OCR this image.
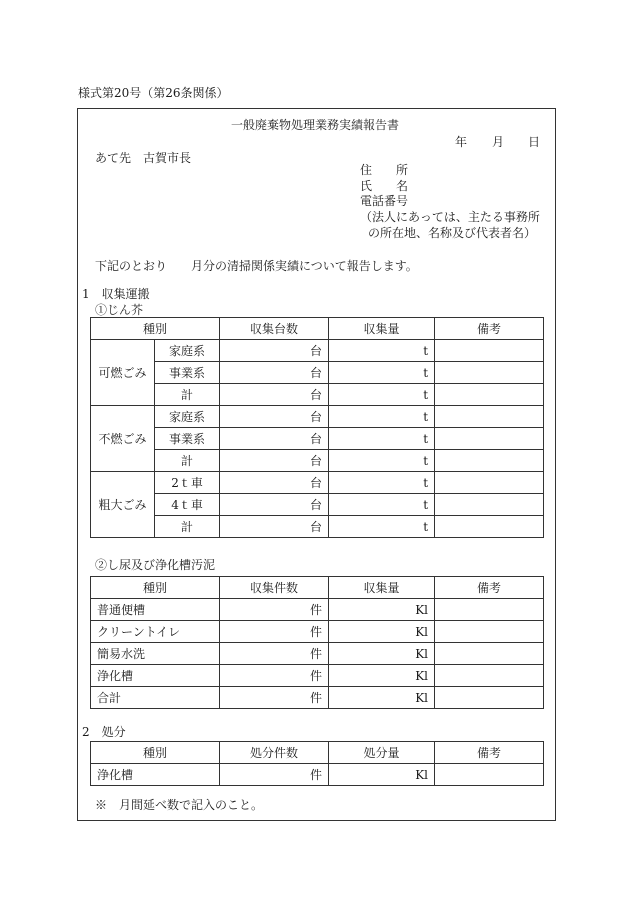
様式第20号（第26条関係）
一般廃棄物処理業務実績報告書
年 月 日
あて先　古賀市長
住　　所
氏　　名
電話番号
（法人にあっては、主たる事務所
の所在地、名称及び代表者名）
下記のとおり　　月分の清掃関係実績について報告します。
1　収集運搬
①じん芥
種別		収集台数	収集量	備考
可燃ごみ	家庭系	台	t	
	事業系	台	t	
	計	台	t	
不燃ごみ	家庭系	台	t	
	事業系	台	t	
	計	台	t	
粗大ごみ	2ｔ車	台	t	
	4ｔ車	台	t	
	計	台	t	
②し尿及び浄化槽汚泥
種別	収集件数	収集量	備考
普通便槽	件	Kl	
クリーントイレ	件	Kl	
簡易水洗	件	Kl	
浄化槽	件	Kl	
合計	件	Kl	
2　処分
種別	処分件数	処分量	備考
浄化槽	件	Kl	
※　月間延べ数で記入のこと。
